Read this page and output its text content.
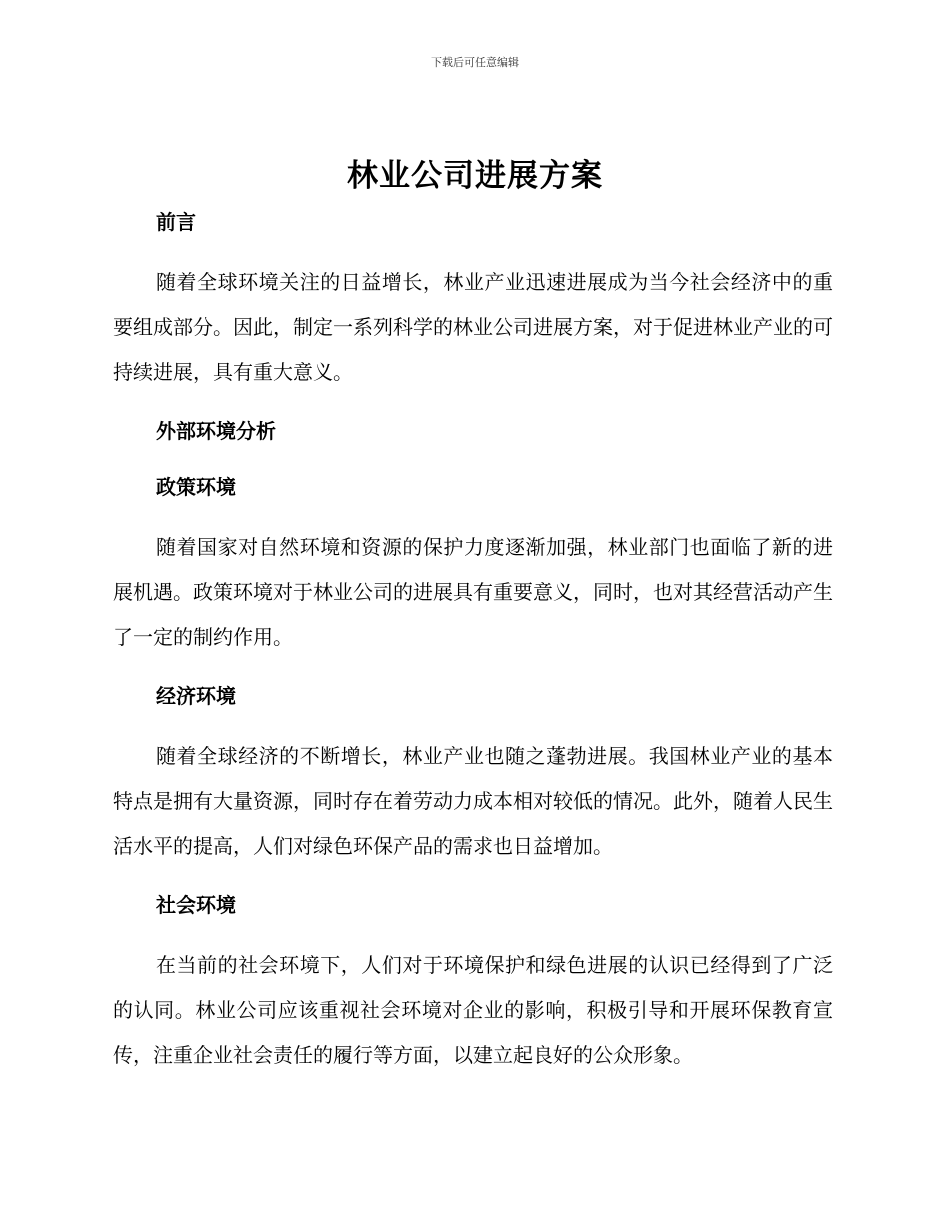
下载后可任意编辑
林业公司进展方案
前言

随着全球环境关注的日益增长，林业产业迅速进展成为当今社会经济中的重要组成部分。因此，制定一系列科学的林业公司进展方案，对于促进林业产业的可持续进展，具有重大意义。

外部环境分析
政策环境

随着国家对自然环境和资源的保护力度逐渐加强，林业部门也面临了新的进展机遇。政策环境对于林业公司的进展具有重要意义，同时，也对其经营活动产生了一定的制约作用。

经济环境

随着全球经济的不断增长，林业产业也随之蓬勃进展。我国林业产业的基本特点是拥有大量资源，同时存在着劳动力成本相对较低的情况。此外，随着人民生活水平的提高，人们对绿色环保产品的需求也日益增加。

社会环境

在当前的社会环境下，人们对于环境保护和绿色进展的认识已经得到了广泛的认同。林业公司应该重视社会环境对企业的影响，积极引导和开展环保教育宣传，注重企业社会责任的履行等方面，以建立起良好的公众形象。
